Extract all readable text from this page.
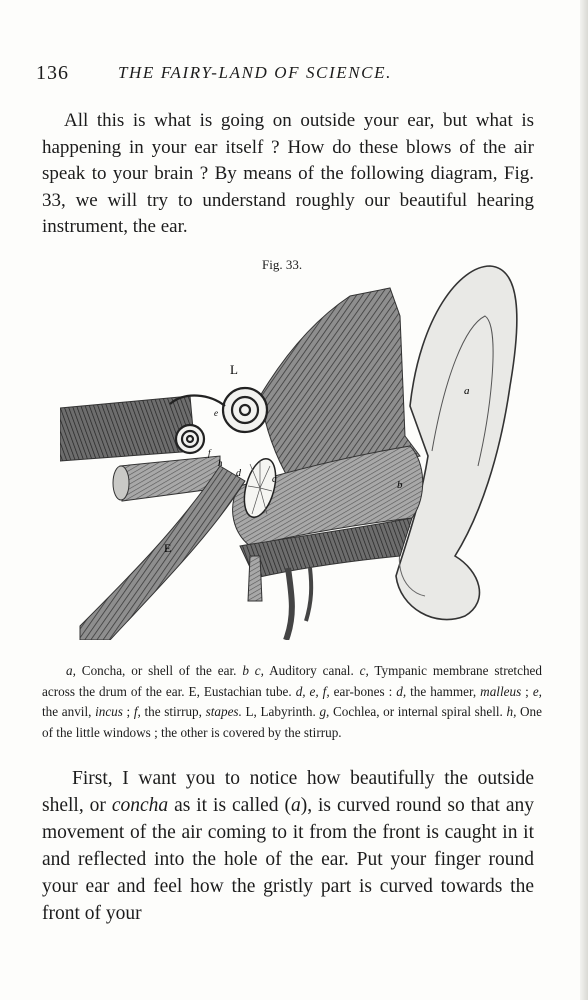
136	THE FAIRY-LAND OF SCIENCE.

All this is what is going on outside your ear, but what is happening in your ear itself ? How do these blows of the air speak to your brain ? By means of the following diagram, Fig. 33, we will try to understand roughly our beautiful hearing instrument, the ear.

Fig. 33.
L
E
a
b
c
d
e
f
h

a, Concha, or shell of the ear. b c, Auditory canal. c, Tympanic membrane stretched across the drum of the ear. E, Eustachian tube. d, e, f, ear-bones : d, the hammer, malleus ; e, the anvil, incus ; f, the stirrup, stapes. L, Labyrinth. g, Cochlea, or internal spiral shell. h, One of the little windows ; the other is covered by the stirrup.

First, I want you to notice how beautifully the outside shell, or concha as it is called (a), is curved round so that any movement of the air coming to it from the front is caught in it and reflected into the hole of the ear. Put your finger round your ear and feel how the gristly part is curved towards the front of your
